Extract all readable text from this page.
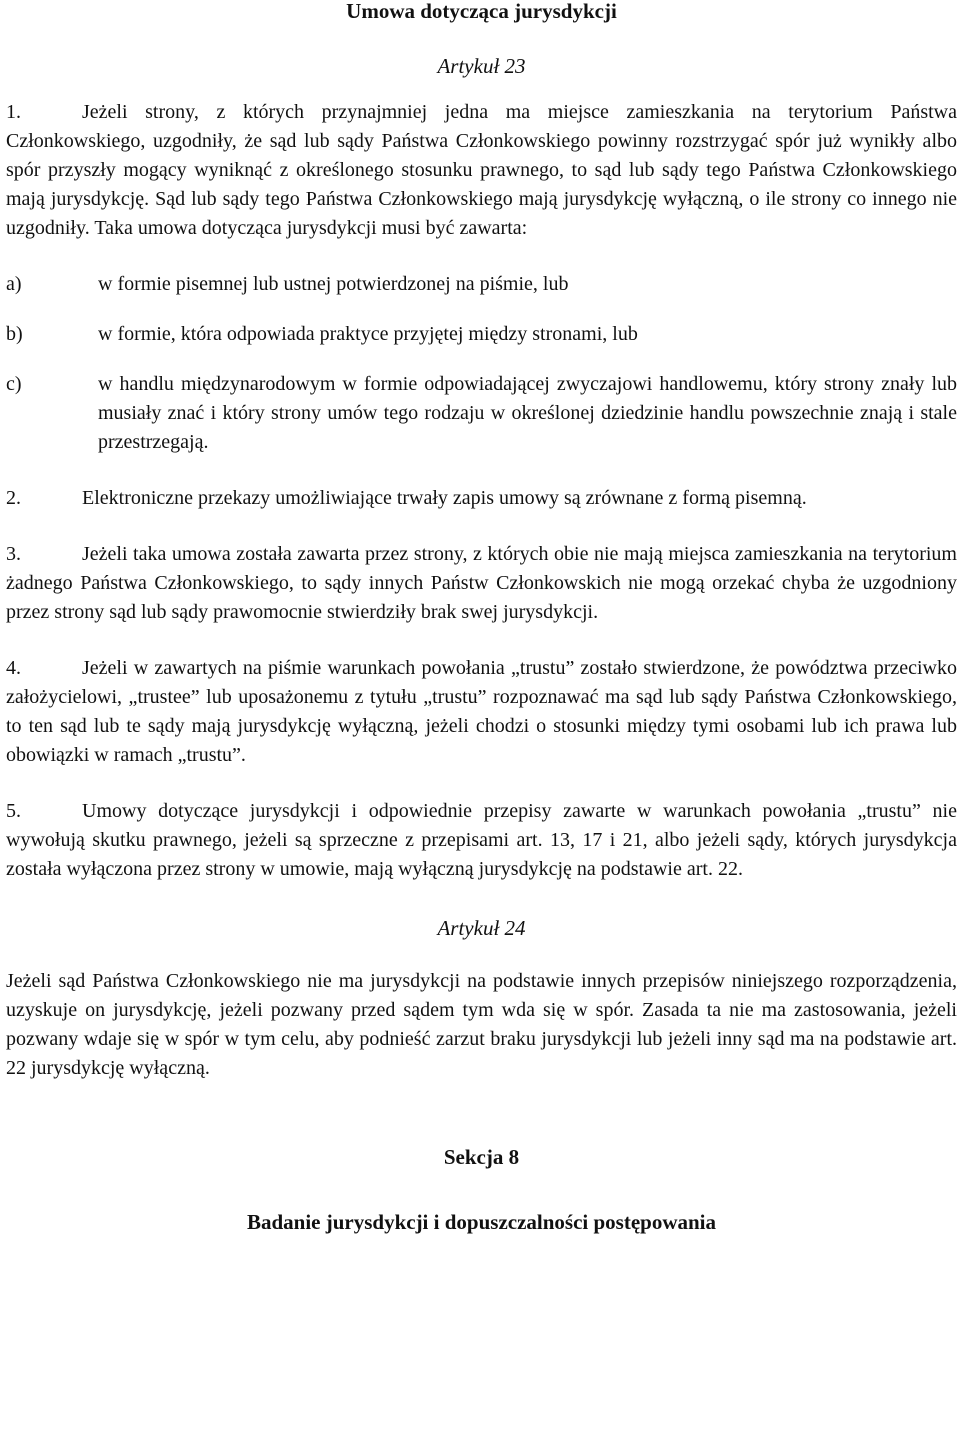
Umowa dotycząca jurysdykcji
Artykuł 23
1.	Jeżeli strony, z których przynajmniej jedna ma miejsce zamieszkania na terytorium Państwa Członkowskiego, uzgodniły, że sąd lub sądy Państwa Członkowskiego powinny rozstrzygać spór już wynikły albo spór przyszły mogący wyniknąć z określonego stosunku prawnego, to sąd lub sądy tego Państwa Członkowskiego mają jurysdykcję. Sąd lub sądy tego Państwa Członkowskiego mają jurysdykcję wyłączną, o ile strony co innego nie uzgodniły. Taka umowa dotycząca jurysdykcji musi być zawarta:
a)	w formie pisemnej lub ustnej potwierdzonej na piśmie, lub
b)	w formie, która odpowiada praktyce przyjętej między stronami, lub
c)	w handlu międzynarodowym w formie odpowiadającej zwyczajowi handlowemu, który strony znały lub musiały znać i który strony umów tego rodzaju w określonej dziedzinie handlu powszechnie znają i stale przestrzegają.
2.	Elektroniczne przekazy umożliwiające trwały zapis umowy są zrównane z formą pisemną.
3.	Jeżeli taka umowa została zawarta przez strony, z których obie nie mają miejsca zamieszkania na terytorium żadnego Państwa Członkowskiego, to sądy innych Państw Członkowskich nie mogą orzekać chyba że uzgodniony przez strony sąd lub sądy prawomocnie stwierdziły brak swej jurysdykcji.
4.	Jeżeli w zawartych na piśmie warunkach powołania „trustu” zostało stwierdzone, że powództwa przeciwko założycielowi, „trustee” lub uposażonemu z tytułu „trustu” rozpoznawać ma sąd lub sądy Państwa Członkowskiego, to ten sąd lub te sądy mają jurysdykcję wyłączną, jeżeli chodzi o stosunki między tymi osobami lub ich prawa lub obowiązki w ramach „trustu”.
5.	Umowy dotyczące jurysdykcji i odpowiednie przepisy zawarte w warunkach powołania „trustu” nie wywołują skutku prawnego, jeżeli są sprzeczne z przepisami art. 13, 17 i 21, albo jeżeli sądy, których jurysdykcja została wyłączona przez strony w umowie, mają wyłączną jurysdykcję na podstawie art. 22.
Artykuł 24
Jeżeli sąd Państwa Członkowskiego nie ma jurysdykcji na podstawie innych przepisów niniejszego rozporządzenia, uzyskuje on jurysdykcję, jeżeli pozwany przed sądem tym wda się w spór. Zasada ta nie ma zastosowania, jeżeli pozwany wdaje się w spór w tym celu, aby podnieść zarzut braku jurysdykcji lub jeżeli inny sąd ma na podstawie art. 22 jurysdykcję wyłączną.
Sekcja 8
Badanie jurysdykcji i dopuszczalności postępowania
